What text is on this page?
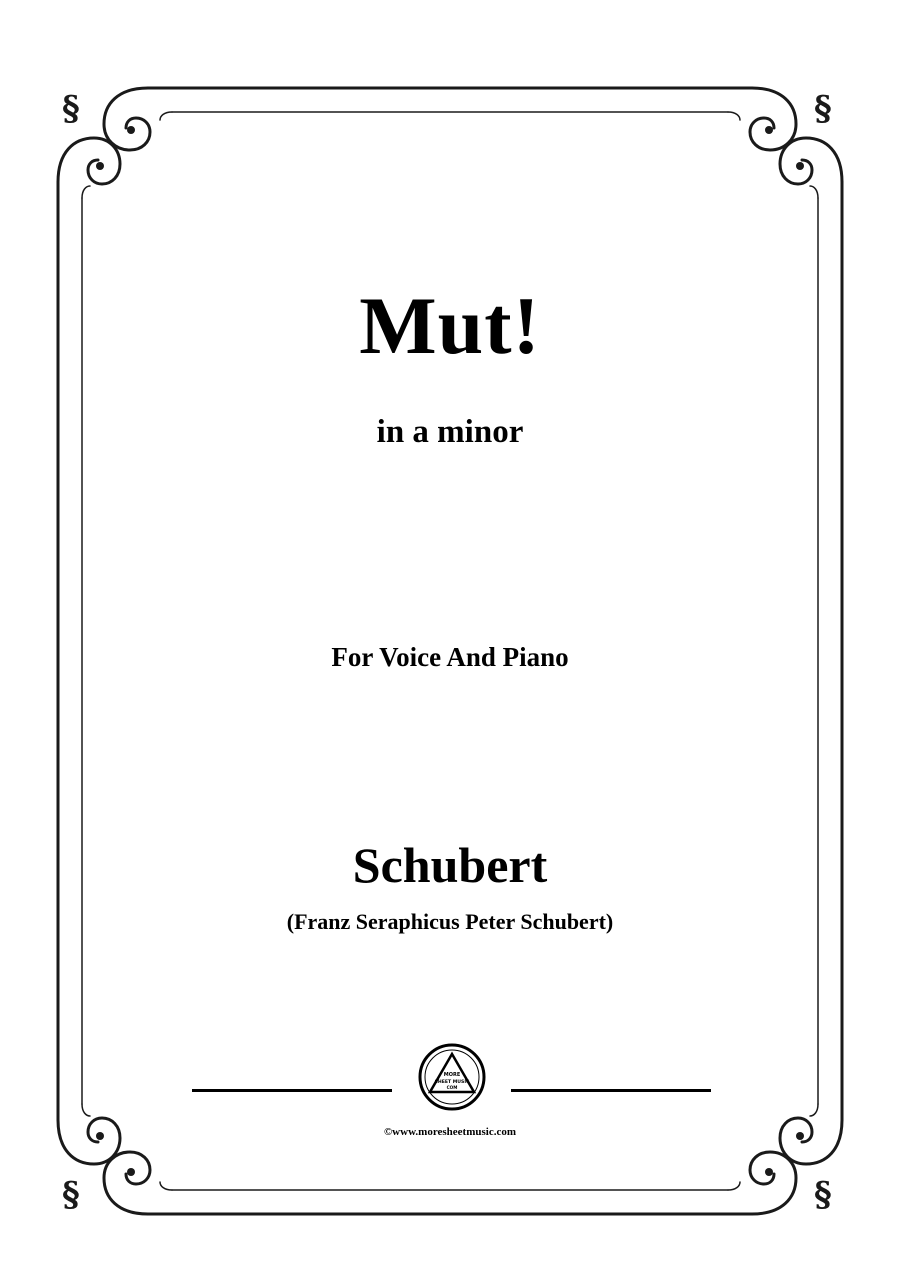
§	§
§	§
Mut!
in a minor
For Voice And Piano
Schubert
(Franz Seraphicus Peter Schubert)
MORE
SHEET MUSIC
COM
©www.moresheetmusic.com
